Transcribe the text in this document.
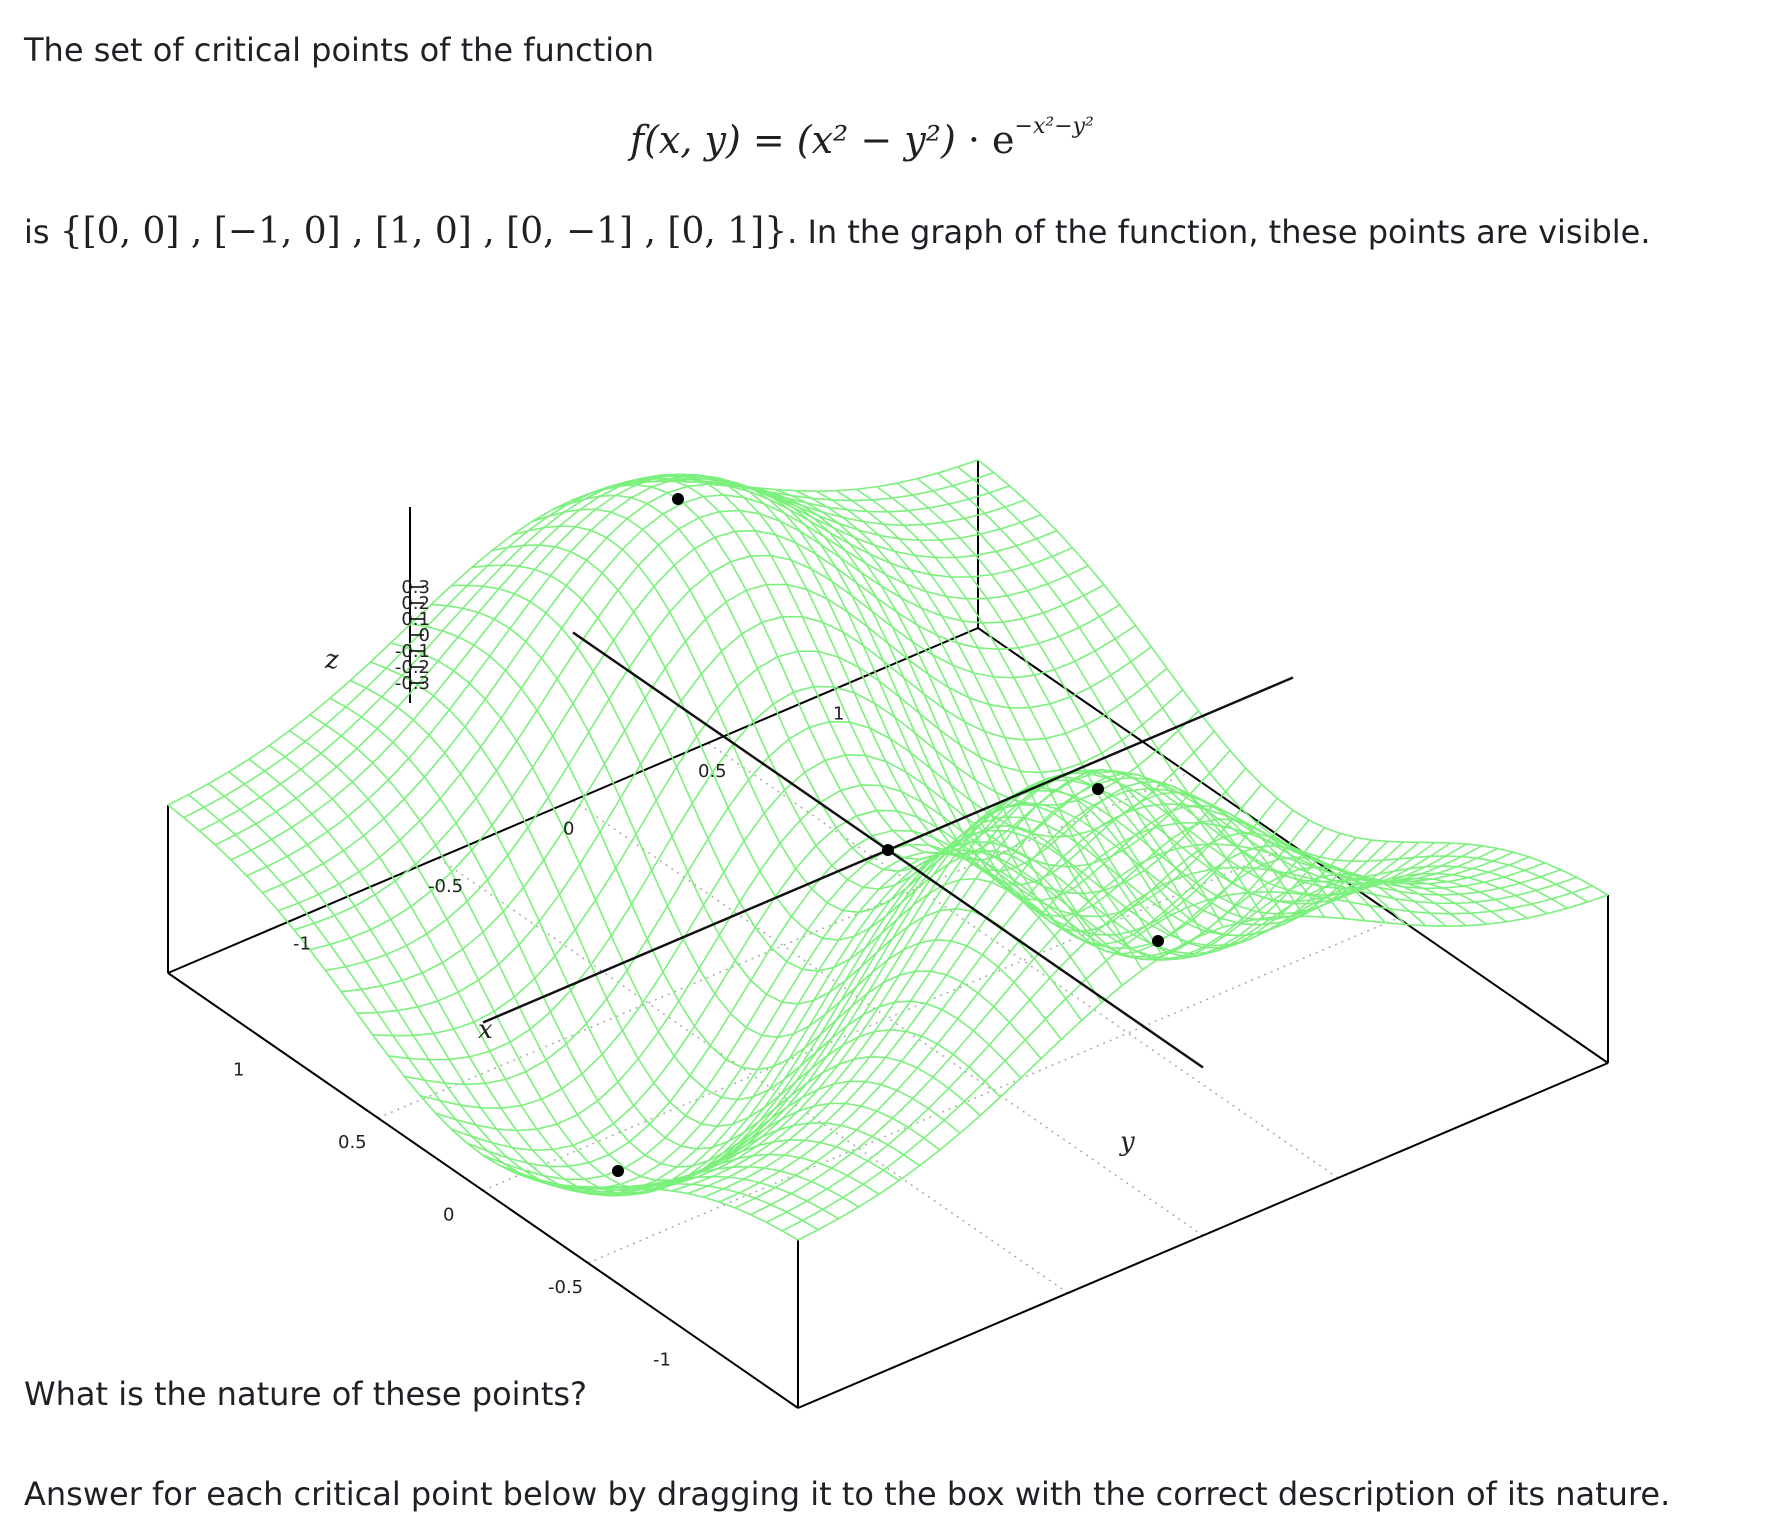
The set of critical points of the function
f(x, $y) = (x^2 - y^2) \cdot e^{-x^2-y^2}$
is {[0, 0] , [−1, 0] , [1, 0] , [0, −1] , [0, 1]}. In the graph of the function, these points are visible.
-1
-0.5
0
0.5
1
-1
-0.5
0
0.5
1
0.3
0.2
0.1
0
-0.1
-0.2
-0.3
z
x
y
What is the nature of these points?
Answer for each critical point below by dragging it to the box with the correct description of its nature.
